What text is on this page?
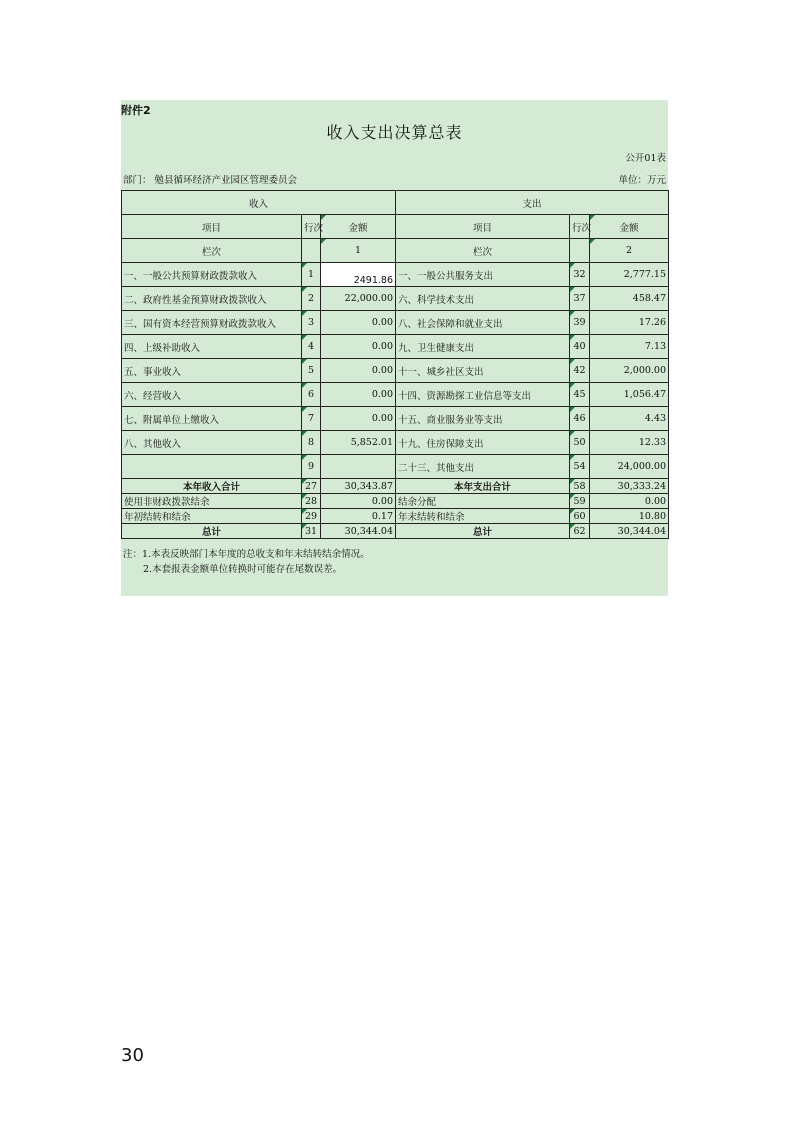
附件2
收入支出决算总表
公开01表
部门： 勉县循环经济产业园区管理委员会	单位：万元
收入			支出		
项目	行次	金额	项目	行次	金额
栏次		1	栏次		2
一、一般公共预算财政拨款收入	1	2491.86	一、一般公共服务支出	32	2,777.15
二、政府性基金预算财政拨款收入	2	22,000.00	六、科学技术支出	37	458.47
三、国有资本经营预算财政拨款收入	3	0.00	八、社会保障和就业支出	39	17.26
四、上级补助收入	4	0.00	九、卫生健康支出	40	7.13
五、事业收入	5	0.00	十一、城乡社区支出	42	2,000.00
六、经营收入	6	0.00	十四、资源勘探工业信息等支出	45	1,056.47
七、附属单位上缴收入	7	0.00	十五、商业服务业等支出	46	4.43
八、其他收入	8	5,852.01	十九、住房保障支出	50	12.33
	9		二十三、其他支出	54	24,000.00
本年收入合计	27	30,343.87	本年支出合计	58	30,333.24
使用非财政拨款结余	28	0.00	结余分配	59	0.00
年初结转和结余	29	0.17	年末结转和结余	60	10.80
总计	31	30,344.04	总计	62	30,344.04
注：1.本表反映部门本年度的总收支和年末结转结余情况。
2.本套报表金额单位转换时可能存在尾数误差。
30
